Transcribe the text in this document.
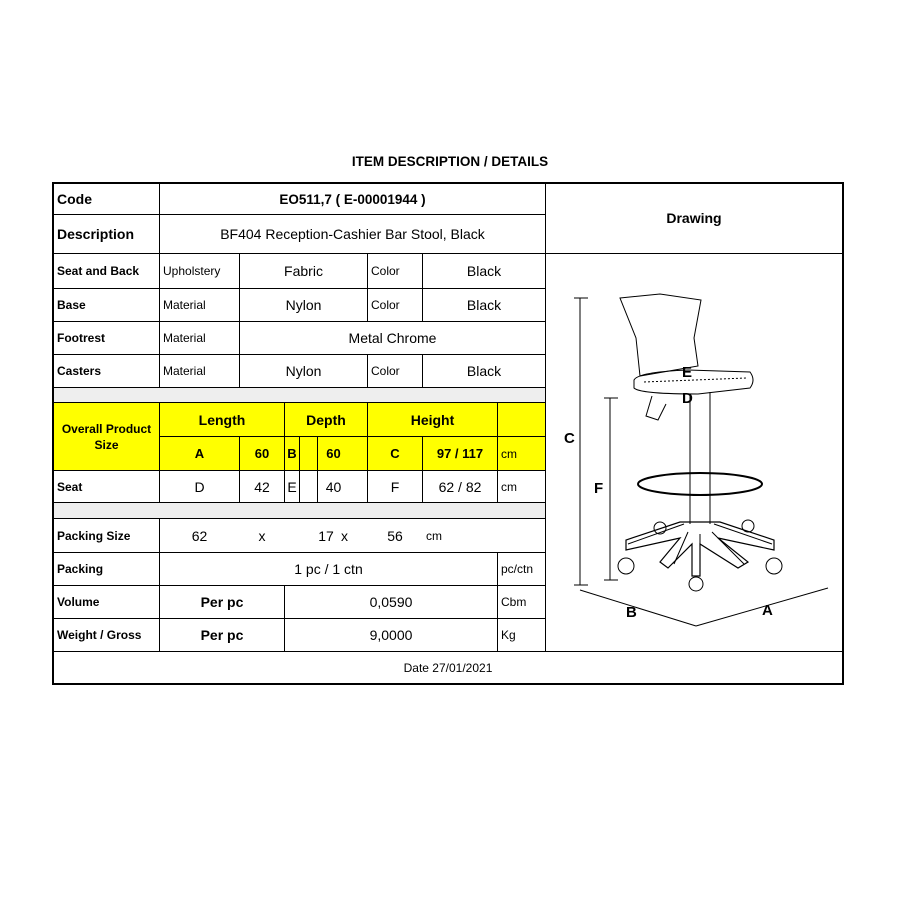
ITEM DESCRIPTION / DETAILS
Code	EO511,7 ( E-00001944 )
Description	BF404 Reception-Cashier Bar Stool, Black
Drawing
Seat and Back	Upholstery	Fabric	Color	Black
Base	Material	Nylon	Color	Black
Footrest	Material	Metal Chrome
Casters	Material	Nylon	Color	Black
Overall Product Size
Length	Depth	Height
A	60	B	60	C	97 / 117	cm
Seat	D	42	E	40	F	62 / 82	cm
Packing Size	62	x	17 x	56	cm
Packing	1 pc / 1 ctn	pc/ctn
Volume	Per pc	0,0590	Cbm
Weight / Gross	Per pc	9,0000	Kg
Date 27/01/2021
C
F
E
D
B	A
